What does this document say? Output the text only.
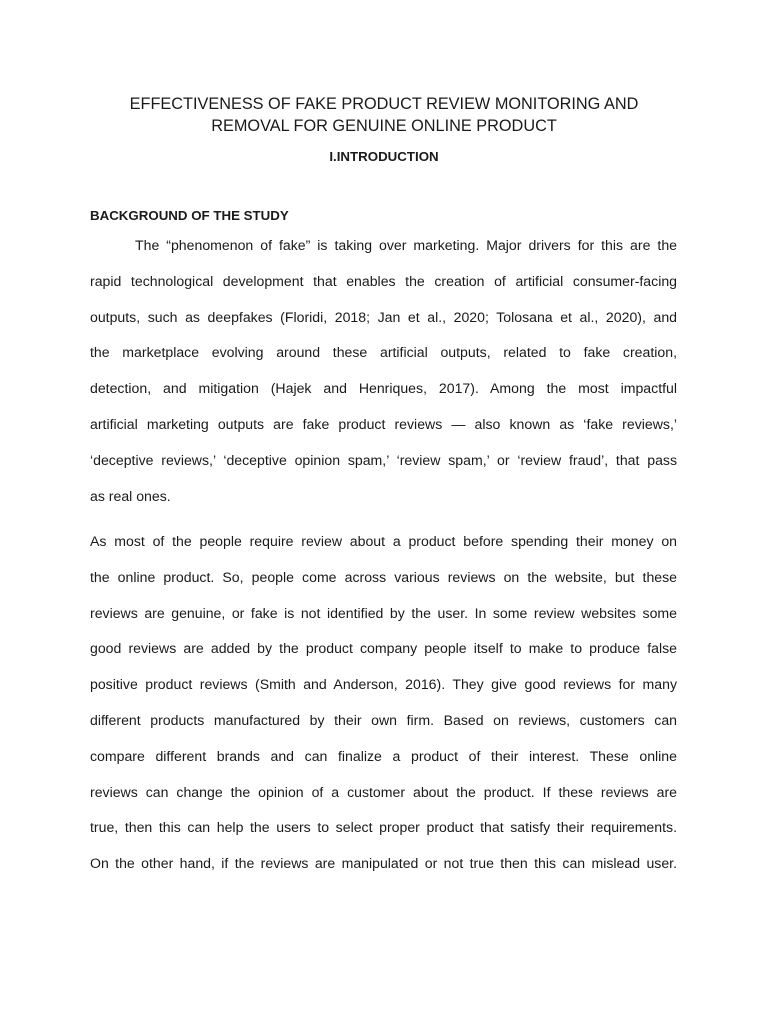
EFFECTIVENESS OF FAKE PRODUCT REVIEW MONITORING AND
REMOVAL FOR GENUINE ONLINE PRODUCT
I.INTRODUCTION
BACKGROUND OF THE STUDY

The “phenomenon of fake” is taking over marketing. Major drivers for this are the
rapid technological development that enables the creation of artificial consumer-facing
outputs, such as deepfakes (Floridi, 2018; Jan et al., 2020; Tolosana et al., 2020), and
the marketplace evolving around these artificial outputs, related to fake creation,
detection, and mitigation (Hajek and Henriques, 2017). Among the most impactful
artificial marketing outputs are fake product reviews — also known as ‘fake reviews,’
‘deceptive reviews,’ ‘deceptive opinion spam,’ ‘review spam,’ or ‘review fraud’, that pass
as real ones.

As most of the people require review about a product before spending their money on
the online product. So, people come across various reviews on the website, but these
reviews are genuine, or fake is not identified by the user. In some review websites some
good reviews are added by the product company people itself to make to produce false
positive product reviews (Smith and Anderson, 2016). They give good reviews for many
different products manufactured by their own firm. Based on reviews, customers can
compare different brands and can finalize a product of their interest. These online
reviews can change the opinion of a customer about the product. If these reviews are
true, then this can help the users to select proper product that satisfy their requirements.
On the other hand, if the reviews are manipulated or not true then this can mislead user.
